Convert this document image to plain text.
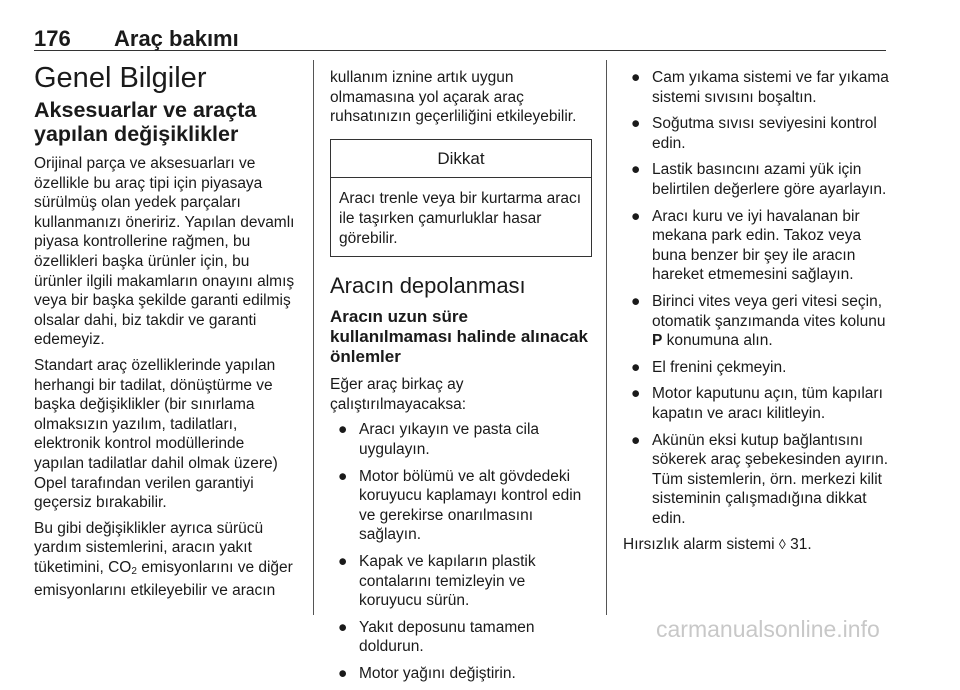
176 Araç bakımı
Genel Bilgiler
Aksesuarlar ve araçta yapılan değişiklikler

Orijinal parça ve aksesuarları ve özellikle bu araç tipi için piyasaya sürülmüş olan yedek parçaları kullanmanızı öneririz. Yapılan devamlı piyasa kontrollerine rağmen, bu özellikleri başka ürünler için, bu ürünler ilgili makamların onayını almış veya bir başka şekilde garanti edilmiş olsalar dahi, biz takdir ve garanti edemeyiz.

Standart araç özelliklerinde yapılan herhangi bir tadilat, dönüştürme ve başka değişiklikler (bir sınırlama olmaksızın yazılım, tadilatları, elektronik kontrol modüllerinde yapılan tadilatlar dahil olmak üzere) Opel tarafından verilen garantiyi geçersiz bırakabilir.

Bu gibi değişiklikler ayrıca sürücü yardım sistemlerini, aracın yakıt tüketimini, $CO_2$ emisyonlarını ve diğer emisyonlarını etkileyebilir ve aracın

kullanım iznine artık uygun olmamasına yol açarak araç ruhsatınızın geçerliliğini etkileyebilir.

Dikkat
Aracı trenle veya bir kurtarma aracı ile taşırken çamurluklar hasar görebilir.
Aracın depolanması
Aracın uzun süre kullanılmaması halinde alınacak önlemler

Eğer araç birkaç ay çalıştırılmayacaksa:

● Aracı yıkayın ve pasta cila uygulayın.
● Motor bölümü ve alt gövdedeki koruyucu kaplamayı kontrol edin ve gerekirse onarılmasını sağlayın.
● Kapak ve kapıların plastik contalarını temizleyin ve koruyucu sürün.
● Yakıt deposunu tamamen doldurun.
● Motor yağını değiştirin.
● Cam yıkama sistemi ve far yıkama sistemi sıvısını boşaltın.
● Soğutma sıvısı seviyesini kontrol edin.
● Lastik basıncını azami yük için belirtilen değerlere göre ayarlayın.
● Aracı kuru ve iyi havalanan bir mekana park edin. Takoz veya buna benzer bir şey ile aracın hareket etmemesini sağlayın.
● Birinci vites veya geri vitesi seçin, otomatik şanzımanda vites kolunu P konumuna alın.
● El frenini çekmeyin.
● Motor kaputunu açın, tüm kapıları kapatın ve aracı kilitleyin.
● Akünün eksi kutup bağlantısını sökerek araç şebekesinden ayırın. Tüm sistemlerin, örn. merkezi kilit sisteminin çalışmadığına dikkat edin.

Hırsızlık alarm sistemi ◊ 31.

carmanualsonline.info
